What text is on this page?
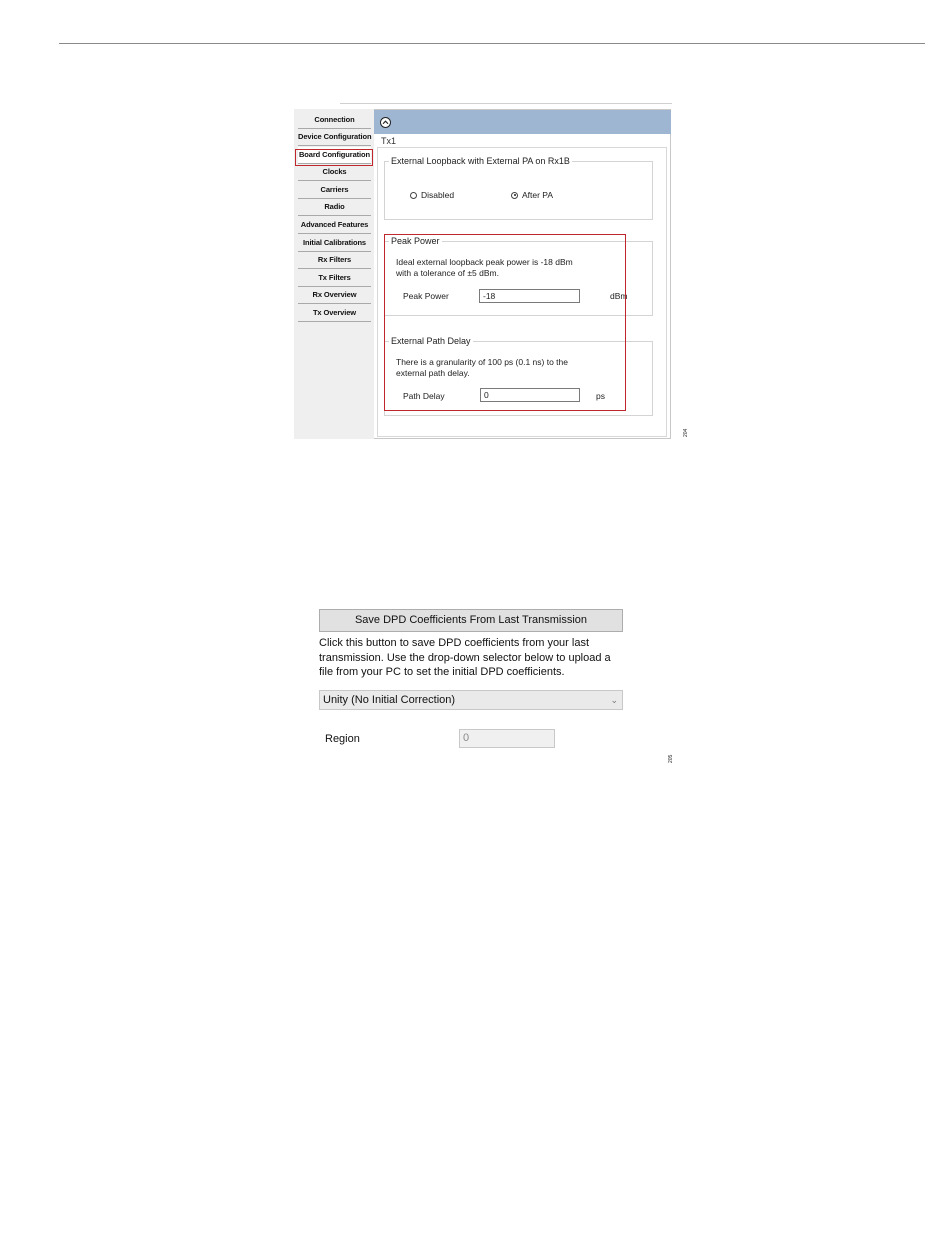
Connection
Device Configuration
Board Configuration
Clocks
Carriers
Radio
Advanced Features
Initial Calibrations
Rx Filters
Tx Filters
Rx Overview
Tx Overview
Tx1
External Loopback with External PA on Rx1B
Disabled	After PA
Peak Power
Ideal external loopback peak power is -18 dBm
with a tolerance of ±5 dBm.
Peak Power	-18	dBm
External Path Delay
There is a granularity of 100 ps (0.1 ns) to the
external path delay.
Path Delay	0	ps
204
Save DPD Coefficients From Last Transmission
Click this button to save DPD coefficients from your last
transmission. Use the drop-down selector below to upload a
file from your PC to set the initial DPD coefficients.
Unity (No Initial Correction)	⌄
Region	0
205
